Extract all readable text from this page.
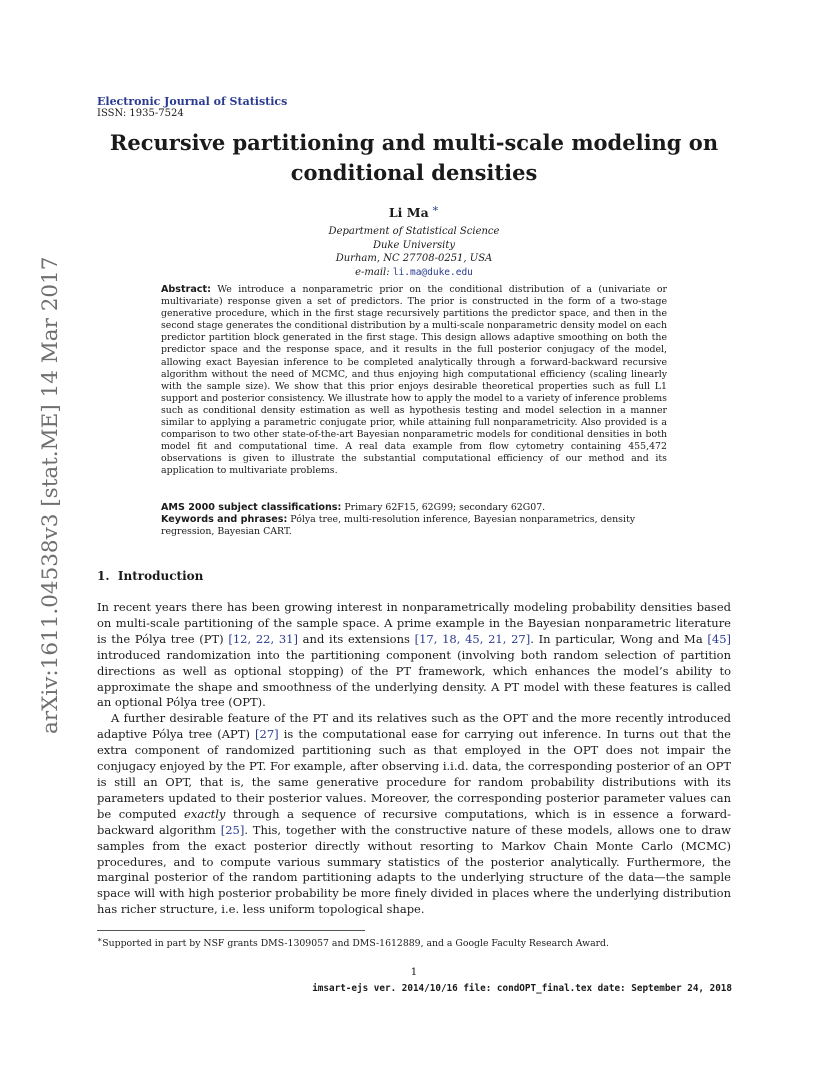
arXiv:1611.04538v3 [stat.ME] 14 Mar 2017
Electronic Journal of Statistics
ISSN: 1935-7524
Recursive partitioning and multi-scale modeling on
conditional densities
Li Ma ∗
Department of Statistical Science
Duke University
Durham, NC 27708-0251, USA
e-mail: li.ma@duke.edu
Abstract: We introduce a nonparametric prior on the conditional distribution of a (univariate or multivariate) response given a set of predictors. The prior is constructed in the form of a two-stage generative procedure, which in the first stage recursively partitions the predictor space, and then in the second stage generates the conditional distribution by a multi-scale nonparametric density model on each predictor partition block generated in the first stage. This design allows adaptive smoothing on both the predictor space and the response space, and it results in the full posterior conjugacy of the model, allowing exact Bayesian inference to be completed analytically through a forward-backward recursive algorithm without the need of MCMC, and thus enjoying high computational efficiency (scaling linearly with the sample size). We show that this prior enjoys desirable theoretical properties such as full L1 support and posterior consistency. We illustrate how to apply the model to a variety of inference problems such as conditional density estimation as well as hypothesis testing and model selection in a manner similar to applying a parametric conjugate prior, while attaining full nonparametricity. Also provided is a comparison to two other state-of-the-art Bayesian nonparametric models for conditional densities in both model fit and computational time. A real data example from flow cytometry containing 455,472 observations is given to illustrate the substantial computational efficiency of our method and its application to multivariate problems.
AMS 2000 subject classifications: Primary 62F15, 62G99; secondary 62G07.
Keywords and phrases: Pólya tree, multi-resolution inference, Bayesian nonparametrics, density regression, Bayesian CART.
1. Introduction

In recent years there has been growing interest in nonparametrically modeling probability densities based on multi-scale partitioning of the sample space. A prime example in the Bayesian nonparametric literature is the Pólya tree (PT) [12, 22, 31] and its extensions [17, 18, 45, 21, 27]. In particular, Wong and Ma [45] introduced randomization into the partitioning component (involving both random selection of partition directions as well as optional stopping) of the PT framework, which enhances the model’s ability to approximate the shape and smoothness of the underlying density. A PT model with these features is called an optional Pólya tree (OPT).

A further desirable feature of the PT and its relatives such as the OPT and the more recently introduced adaptive Pólya tree (APT) [27] is the computational ease for carrying out inference. In turns out that the extra component of randomized partitioning such as that employed in the OPT does not impair the conjugacy enjoyed by the PT. For example, after observing i.i.d. data, the corresponding posterior of an OPT is still an OPT, that is, the same generative procedure for random probability distributions with its parameters updated to their posterior values. Moreover, the corresponding posterior parameter values can be computed exactly through a sequence of recursive computations, which is in essence a forward-backward algorithm [25]. This, together with the constructive nature of these models, allows one to draw samples from the exact posterior directly without resorting to Markov Chain Monte Carlo (MCMC) procedures, and to compute various summary statistics of the posterior analytically. Furthermore, the marginal posterior of the random partitioning adapts to the underlying structure of the data—the sample space will with high posterior probability be more finely divided in places where the underlying distribution has richer structure, i.e. less uniform topological shape.

∗Supported in part by NSF grants DMS-1309057 and DMS-1612889, and a Google Faculty Research Award.
1
imsart-ejs ver. 2014/10/16 file: condOPT_final.tex date: September 24, 2018
